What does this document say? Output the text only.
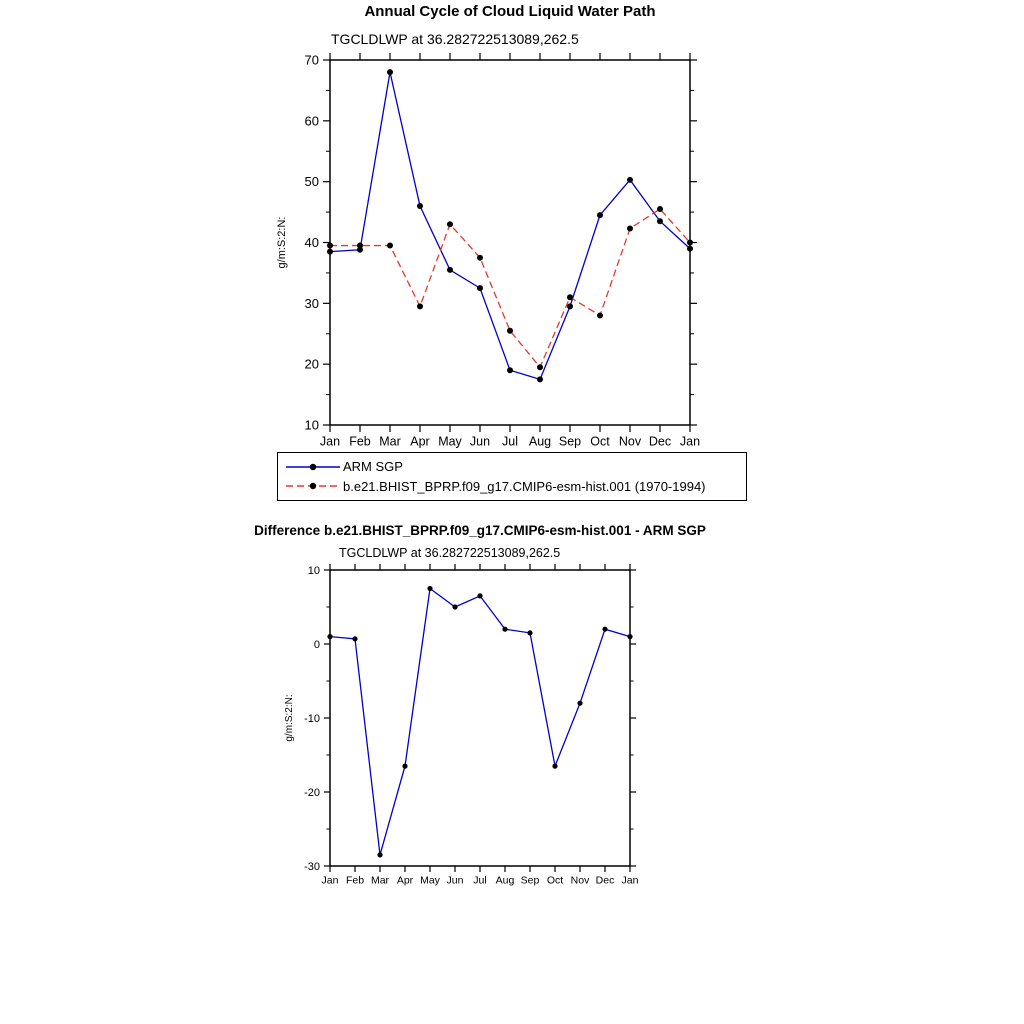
Annual Cycle of Cloud Liquid Water Path
TGCLDLWP at 36.282722513089,262.5
10
20
30
40
50
60
70
Jan Feb Mar Apr May Jun Jul Aug Sep Oct Nov Dec Jan
g/m:S:2:N:
ARM SGP
b.e21.BHIST_BPRP.f09_g17.CMIP6-esm-hist.001 (1970-1994)
Difference b.e21.BHIST_BPRP.f09_g17.CMIP6-esm-hist.001 - ARM SGP
TGCLDLWP at 36.282722513089,262.5
-30
-20
-10
0
10
Jan Feb Mar Apr May Jun Jul Aug Sep Oct Nov Dec Jan
g/m:S:2:N:
